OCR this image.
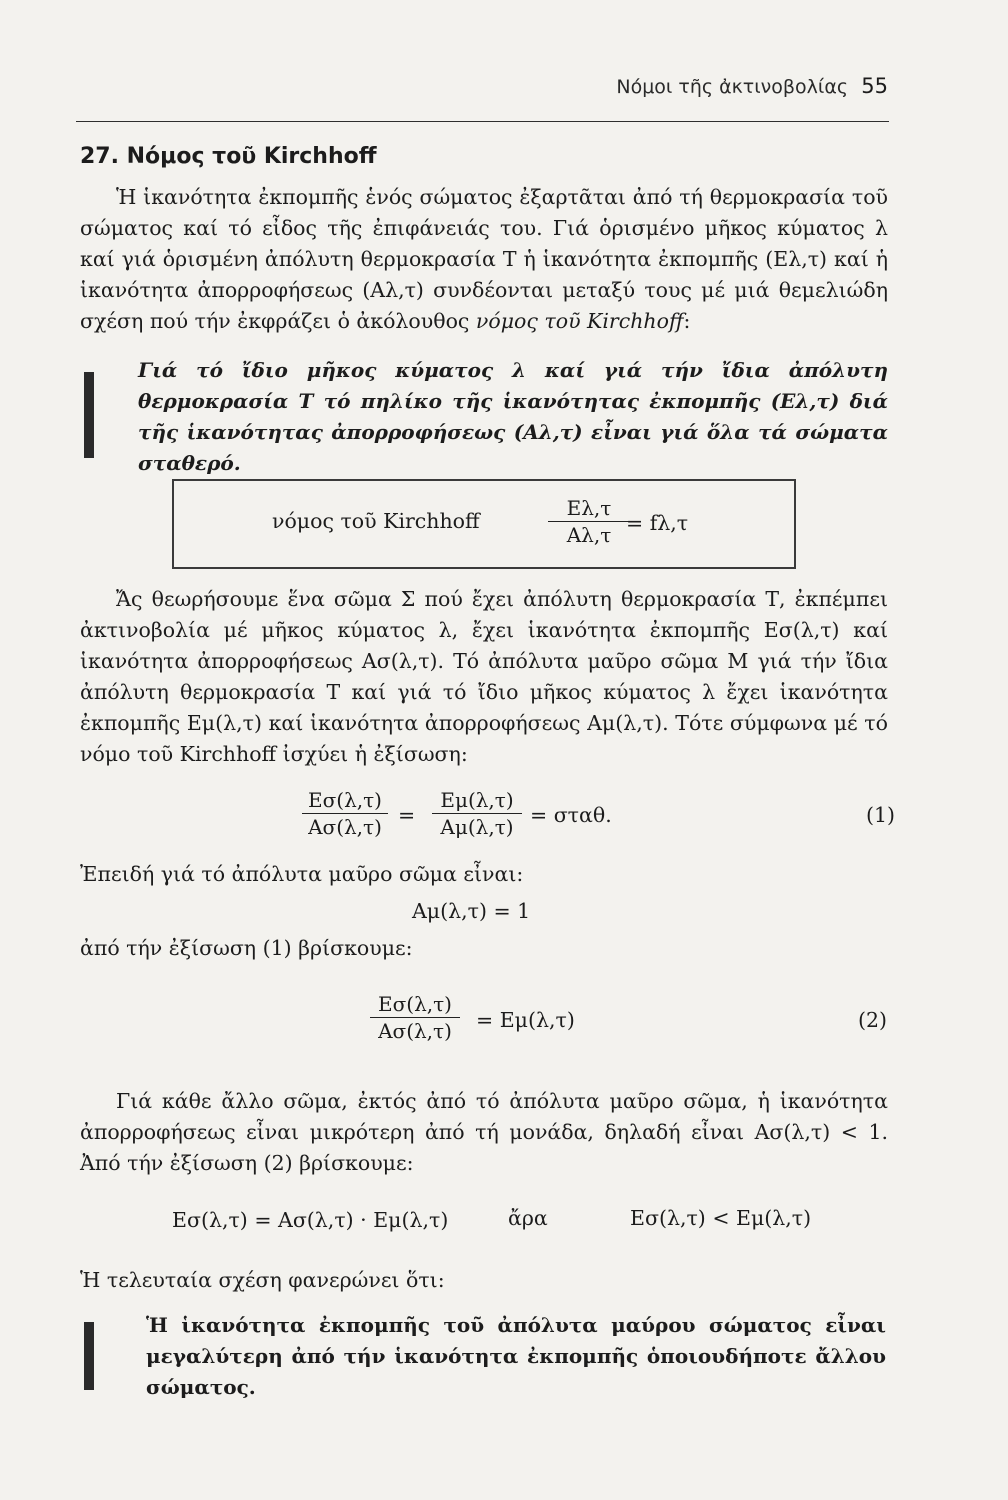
Νόμοι τῆς ἀκτινοβολίας 55
27. Νόμος τοῦ Kirchhoff
Ἡ ἱκανότητα ἐκπομπῆς ἑνός σώματος ἐξαρτᾶται ἀπό τή θερμοκρασία τοῦ σώματος καί τό εἶδος τῆς ἐπιφάνειάς του. Γιά ὁρισμένο μῆκος κύματος λ καί γιά ὁρισμένη ἀπόλυτη θερμοκρασία Τ ἡ ἱκανότητα ἐκπομπῆς (Ελ,τ) καί ἡ ἱκανότητα ἀπορροφήσεως (Αλ,τ) συνδέονται μεταξύ τους μέ μιά θεμελιώδη σχέση πού τήν ἐκφράζει ὁ ἀκόλουθος νόμος τοῦ Kirchhoff:
Γιά τό ἴδιο μῆκος κύματος λ καί γιά τήν ἴδια ἀπόλυτη θερμοκρασία Τ τό πηλίκο τῆς ἱκανότητας ἐκπομπῆς (Ελ,τ) διά τῆς ἱκανότητας ἀπορροφήσεως (Αλ,τ) εἶναι γιά ὅλα τά σώματα σταθερό.
νόμος τοῦ Kirchhoff
Ελ,τ
Αλ,τ = fλ,τ
Ἄς θεωρήσουμε ἕνα σῶμα Σ πού ἔχει ἀπόλυτη θερμοκρασία Τ, ἐκπέμπει ἀκτινοβολία μέ μῆκος κύματος λ, ἔχει ἱκανότητα ἐκπομπῆς Εσ(λ,τ) καί ἱκανότητα ἀπορροφήσεως Ασ(λ,τ). Τό ἀπόλυτα μαῦρο σῶμα Μ γιά τήν ἴδια ἀπόλυτη θερμοκρασία Τ καί γιά τό ἴδιο μῆκος κύματος λ ἔχει ἱκανότητα ἐκπομπῆς Εμ(λ,τ) καί ἱκανότητα ἀπορροφήσεως Αμ(λ,τ). Τότε σύμφωνα μέ τό νόμο τοῦ Kirchhoff ἰσχύει ἡ ἐξίσωση:
Εσ(λ,τ)
Ασ(λ,τ) =
Εμ(λ,τ)
Αμ(λ,τ) = σταθ.	(1)
Ἐπειδή γιά τό ἀπόλυτα μαῦρο σῶμα εἶναι:
Αμ(λ,τ) = 1
ἀπό τήν ἐξίσωση (1) βρίσκουμε:
Εσ(λ,τ)
Ασ(λ,τ)	= Εμ(λ,τ)	(2)
Γιά κάθε ἄλλο σῶμα, ἐκτός ἀπό τό ἀπόλυτα μαῦρο σῶμα, ἡ ἱκανότητα ἀπορροφήσεως εἶναι μικρότερη ἀπό τή μονάδα, δηλαδή εἶναι Ασ(λ,τ) < 1. Ἀπό τήν ἐξίσωση (2) βρίσκουμε:
Εσ(λ,τ) = Ασ(λ,τ) · Εμ(λ,τ)	ἄρα	Εσ(λ,τ) < Εμ(λ,τ)
Ἡ τελευταία σχέση φανερώνει ὅτι:
Ἡ ἱκανότητα ἐκπομπῆς τοῦ ἀπόλυτα μαύρου σώματος εἶναι μεγαλύτερη ἀπό τήν ἱκανότητα ἐκπομπῆς ὁποιουδήποτε ἄλλου σώματος.
